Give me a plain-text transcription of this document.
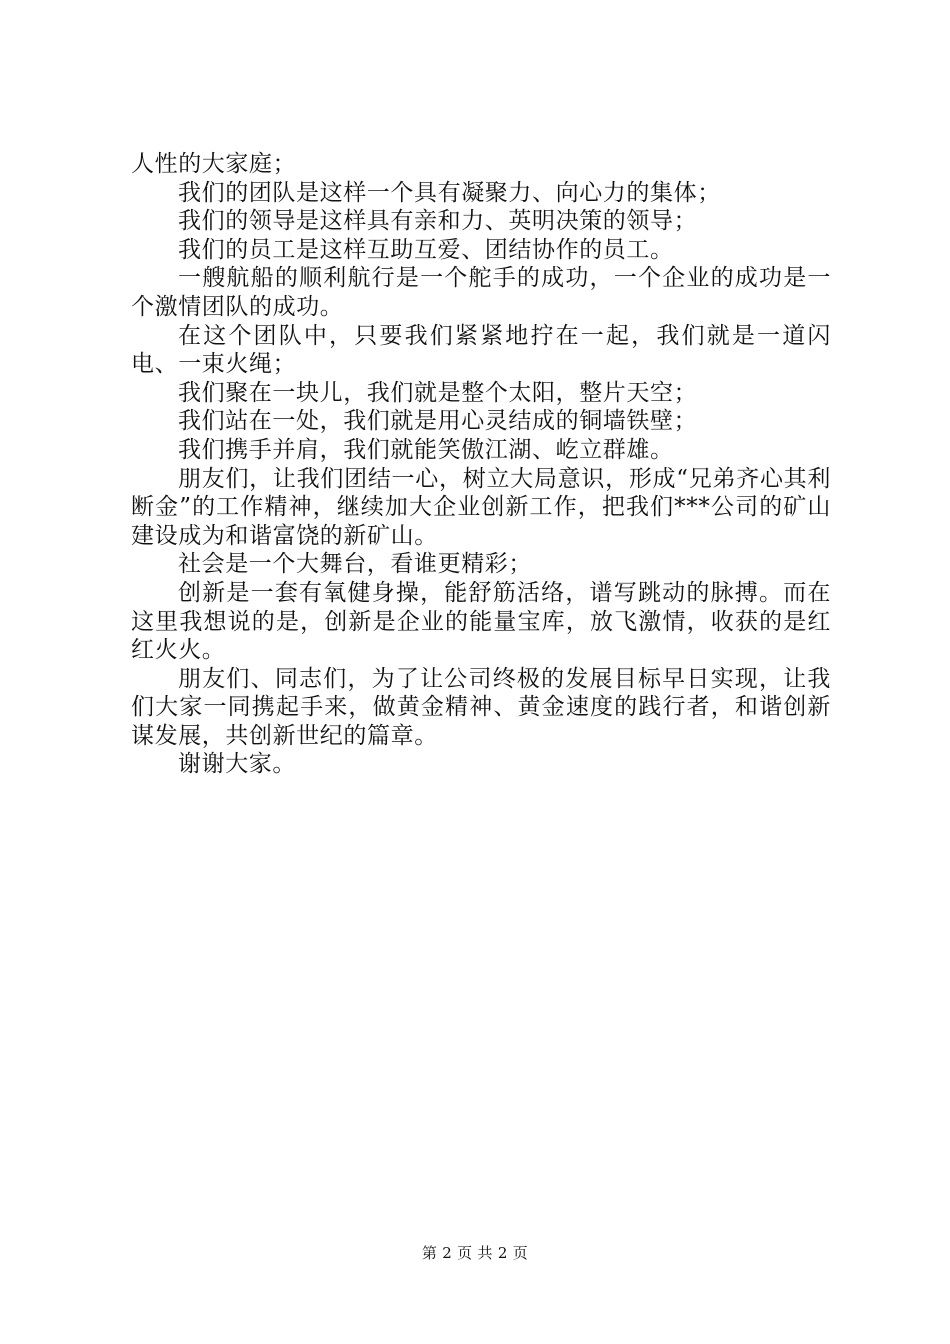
人性的大家庭；

我们的团队是这样一个具有凝聚力、向心力的集体；

我们的领导是这样具有亲和力、英明决策的领导；

我们的员工是这样互助互爱、团结协作的员工。

一艘航船的顺利航行是一个舵手的成功，一个企业的成功是一个激情团队的成功。

在这个团队中，只要我们紧紧地拧在一起，我们就是一道闪电、一束火绳；

我们聚在一块儿，我们就是整个太阳，整片天空；

我们站在一处，我们就是用心灵结成的铜墙铁壁；

我们携手并肩，我们就能笑傲江湖、屹立群雄。

朋友们，让我们团结一心，树立大局意识，形成“兄弟齐心其利断金”的工作精神，继续加大企业创新工作，把我们***公司的矿山建设成为和谐富饶的新矿山。

社会是一个大舞台，看谁更精彩；

创新是一套有氧健身操，能舒筋活络，谱写跳动的脉搏。而在这里我想说的是，创新是企业的能量宝库，放飞激情，收获的是红红火火。

朋友们、同志们，为了让公司终极的发展目标早日实现，让我们大家一同携起手来，做黄金精神、黄金速度的践行者，和谐创新谋发展，共创新世纪的篇章。

谢谢大家。

第 2 页 共 2 页
